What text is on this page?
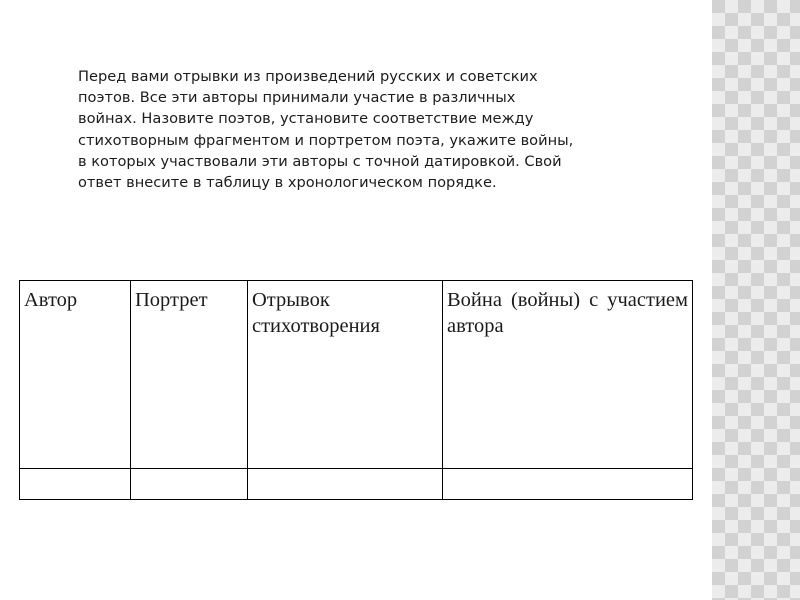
Перед вами отрывки из произведений русских и советских
поэтов. Все эти авторы принимали участие в различных
войнах. Назовите поэтов, установите соответствие между
стихотворным фрагментом и портретом поэта, укажите войны,
в которых участвовали эти авторы с точной датировкой. Свой
ответ внесите в таблицу в хронологическом порядке.

Автор	Портрет	Отрывок стихотворения	Война (войны) с участием автора
